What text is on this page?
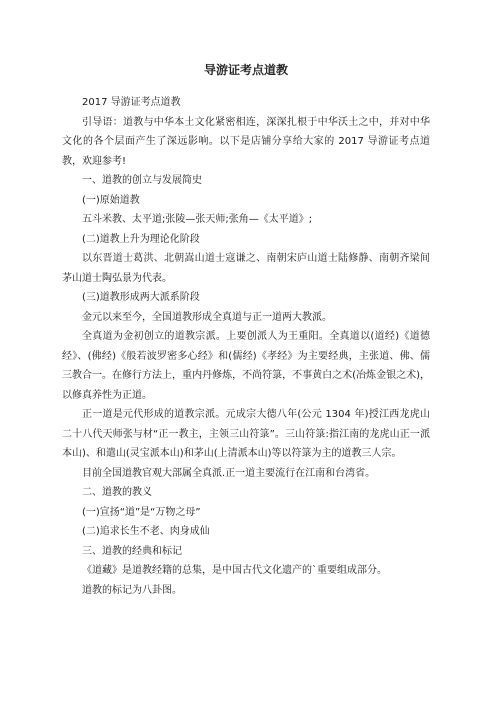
导游证考点道教

2017 导游证考点道教

引导语：道教与中华本土文化紧密相连，深深扎根于中华沃土之中，并对中华文化的各个层面产生了深远影响。以下是店铺分享给大家的 2017 导游证考点道教，欢迎参考!

一、道教的创立与发展简史

(一)原始道教

五斗米教、太平道;张陵—张天师;张角—《太平道》;

(二)道教上升为理论化阶段

以东晋道士葛洪、北朝嵩山道士寇谦之、南朝宋庐山道士陆修静、南朝齐梁间茅山道士陶弘景为代表。

(三)道教形成两大派系阶段

金元以来至今，全国道教形成全真道与正一道两大教派。

全真道为金初创立的道教宗派。上要创派人为王重阳。全真道以(道经)《道德经》、(佛经)《般若波罗密多心经》和(儒经)《孝经》为主要经典，主张道、佛、儒三教合一。在修行方法上，重内丹修炼，不尚符箓，不事黄白之术(冶炼金银之术)，以修真养性为正道。

正一道是元代形成的道教宗派。元成宗大德八年(公元 1304 年)授江西龙虎山二十八代天师张与材“正一教主，主领三山符箓”。三山符箓:指江南的龙虎山正一派本山)、和遣山(灵宝派本山)和茅山(上清派本山)等以符箓为主的道教三人宗。

目前全国道教官观大部属全真派.正一道主要流行在江南和台湾省。

二、道教的教义

(一)宣扬“道”是“万物之母”

(二)追求长生不老、肉身成仙

三、道教的经典和标记

《道藏》是道教经籍的总集，是中国古代文化遗产的`重要组成部分。

道教的标记为八卦图。
